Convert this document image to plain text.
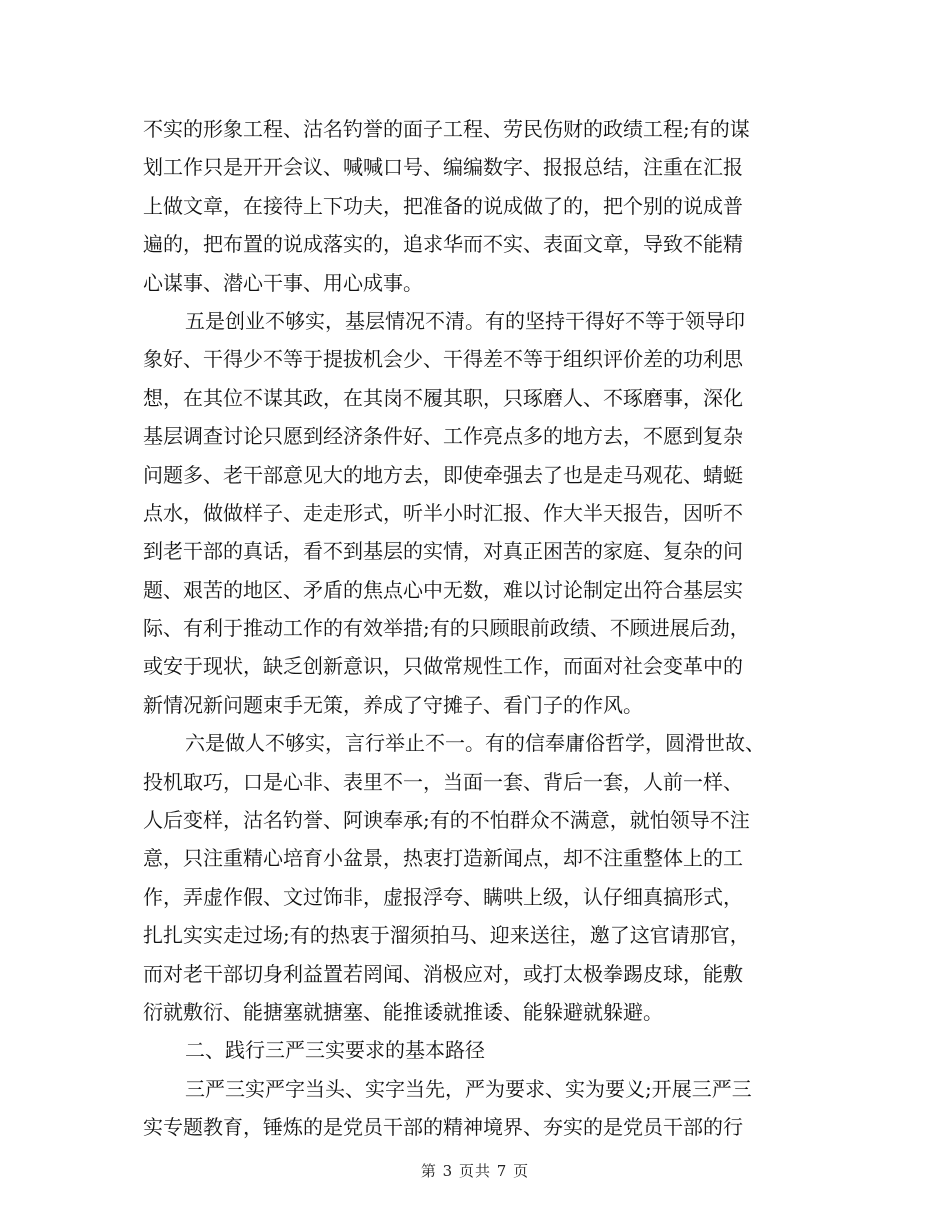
不实的形象工程、沽名钓誉的面子工程、劳民伤财的政绩工程;有的谋
划工作只是开开会议、喊喊口号、编编数字、报报总结，注重在汇报
上做文章，在接待上下功夫，把准备的说成做了的，把个别的说成普
遍的，把布置的说成落实的，追求华而不实、表面文章，导致不能精
心谋事、潜心干事、用心成事。
五是创业不够实，基层情况不清。有的坚持干得好不等于领导印
象好、干得少不等于提拔机会少、干得差不等于组织评价差的功利思
想，在其位不谋其政，在其岗不履其职，只琢磨人、不琢磨事，深化
基层调查讨论只愿到经济条件好、工作亮点多的地方去，不愿到复杂
问题多、老干部意见大的地方去，即使牵强去了也是走马观花、蜻蜓
点水，做做样子、走走形式，听半小时汇报、作大半天报告，因听不
到老干部的真话，看不到基层的实情，对真正困苦的家庭、复杂的问
题、艰苦的地区、矛盾的焦点心中无数，难以讨论制定出符合基层实
际、有利于推动工作的有效举措;有的只顾眼前政绩、不顾进展后劲，
或安于现状，缺乏创新意识，只做常规性工作，而面对社会变革中的
新情况新问题束手无策，养成了守摊子、看门子的作风。
六是做人不够实，言行举止不一。有的信奉庸俗哲学，圆滑世故、
投机取巧，口是心非、表里不一，当面一套、背后一套，人前一样、
人后变样，沽名钓誉、阿谀奉承;有的不怕群众不满意，就怕领导不注
意，只注重精心培育小盆景，热衷打造新闻点，却不注重整体上的工
作，弄虚作假、文过饰非，虚报浮夸、瞒哄上级，认仔细真搞形式，
扎扎实实走过场;有的热衷于溜须拍马、迎来送往，邀了这官请那官，
而对老干部切身利益置若罔闻、消极应对，或打太极拳踢皮球，能敷
衍就敷衍、能搪塞就搪塞、能推诿就推诿、能躲避就躲避。
二、践行三严三实要求的基本路径
三严三实严字当头、实字当先，严为要求、实为要义;开展三严三
实专题教育，锤炼的是党员干部的精神境界、夯实的是党员干部的行
第 3 页共 7 页
